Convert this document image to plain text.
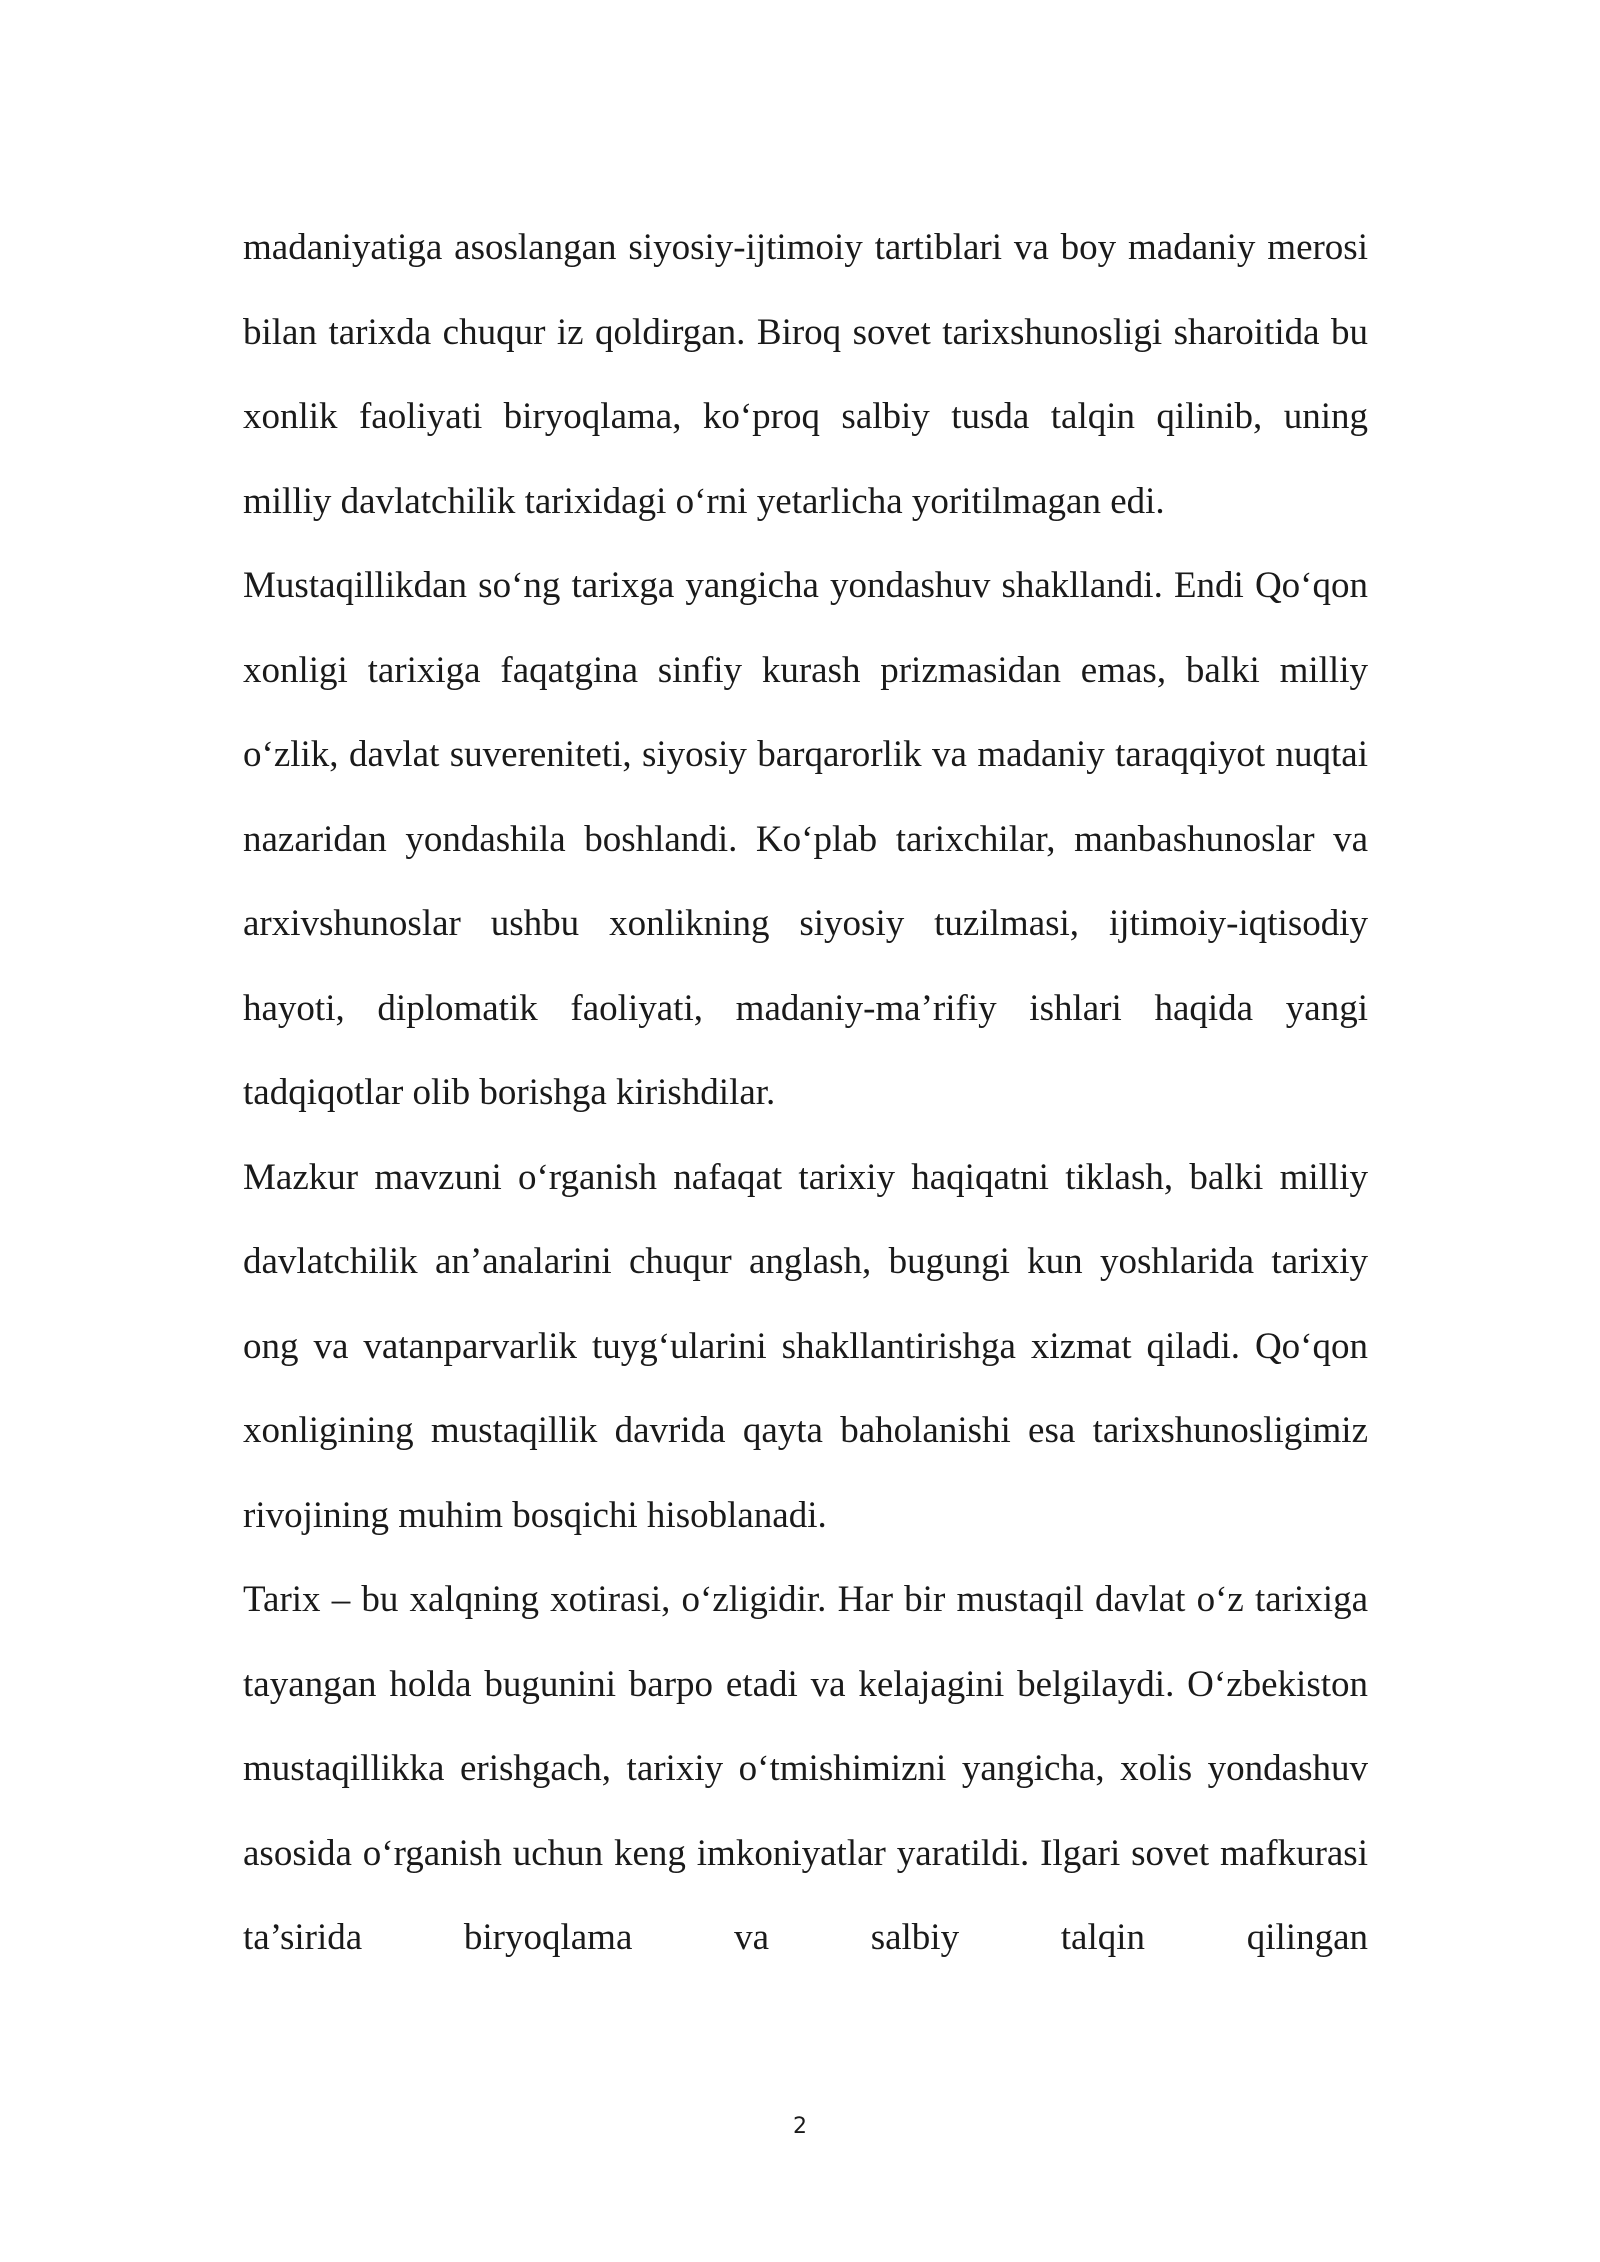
madaniyatiga asoslangan siyosiy-ijtimoiy tartiblari va boy madaniy merosi bilan tarixda chuqur iz qoldirgan. Biroq sovet tarixshunosligi sharoitida bu xonlik faoliyati biryoqlama, ko‘proq salbiy tusda talqin qilinib, uning milliy davlatchilik tarixidagi o‘rni yetarlicha yoritilmagan edi.

Mustaqillikdan so‘ng tarixga yangicha yondashuv shakllandi. Endi Qo‘qon xonligi tarixiga faqatgina sinfiy kurash prizmasidan emas, balki milliy o‘zlik, davlat suvereniteti, siyosiy barqarorlik va madaniy taraqqiyot nuqtai nazaridan yondashila boshlandi. Ko‘plab tarixchilar, manbashunoslar va arxivshunoslar ushbu xonlikning siyosiy tuzilmasi, ijtimoiy-iqtisodiy hayoti, diplomatik faoliyati, madaniy-ma’rifiy ishlari haqida yangi tadqiqotlar olib borishga kirishdilar.

Mazkur mavzuni o‘rganish nafaqat tarixiy haqiqatni tiklash, balki milliy davlatchilik an’analarini chuqur anglash, bugungi kun yoshlarida tarixiy ong va vatanparvarlik tuyg‘ularini shakllantirishga xizmat qiladi. Qo‘qon xonligining mustaqillik davrida qayta baholanishi esa tarixshunosligimiz rivojining muhim bosqichi hisoblanadi.

Tarix – bu xalqning xotirasi, o‘zligidir. Har bir mustaqil davlat o‘z tarixiga tayangan holda bugunini barpo etadi va kelajagini belgilaydi. O‘zbekiston mustaqillikka erishgach, tarixiy o‘tmishimizni yangicha, xolis yondashuv asosida o‘rganish uchun keng imkoniyatlar yaratildi. Ilgari sovet mafkurasi ta’sirida biryoqlama va salbiy talqin qilingan

2
